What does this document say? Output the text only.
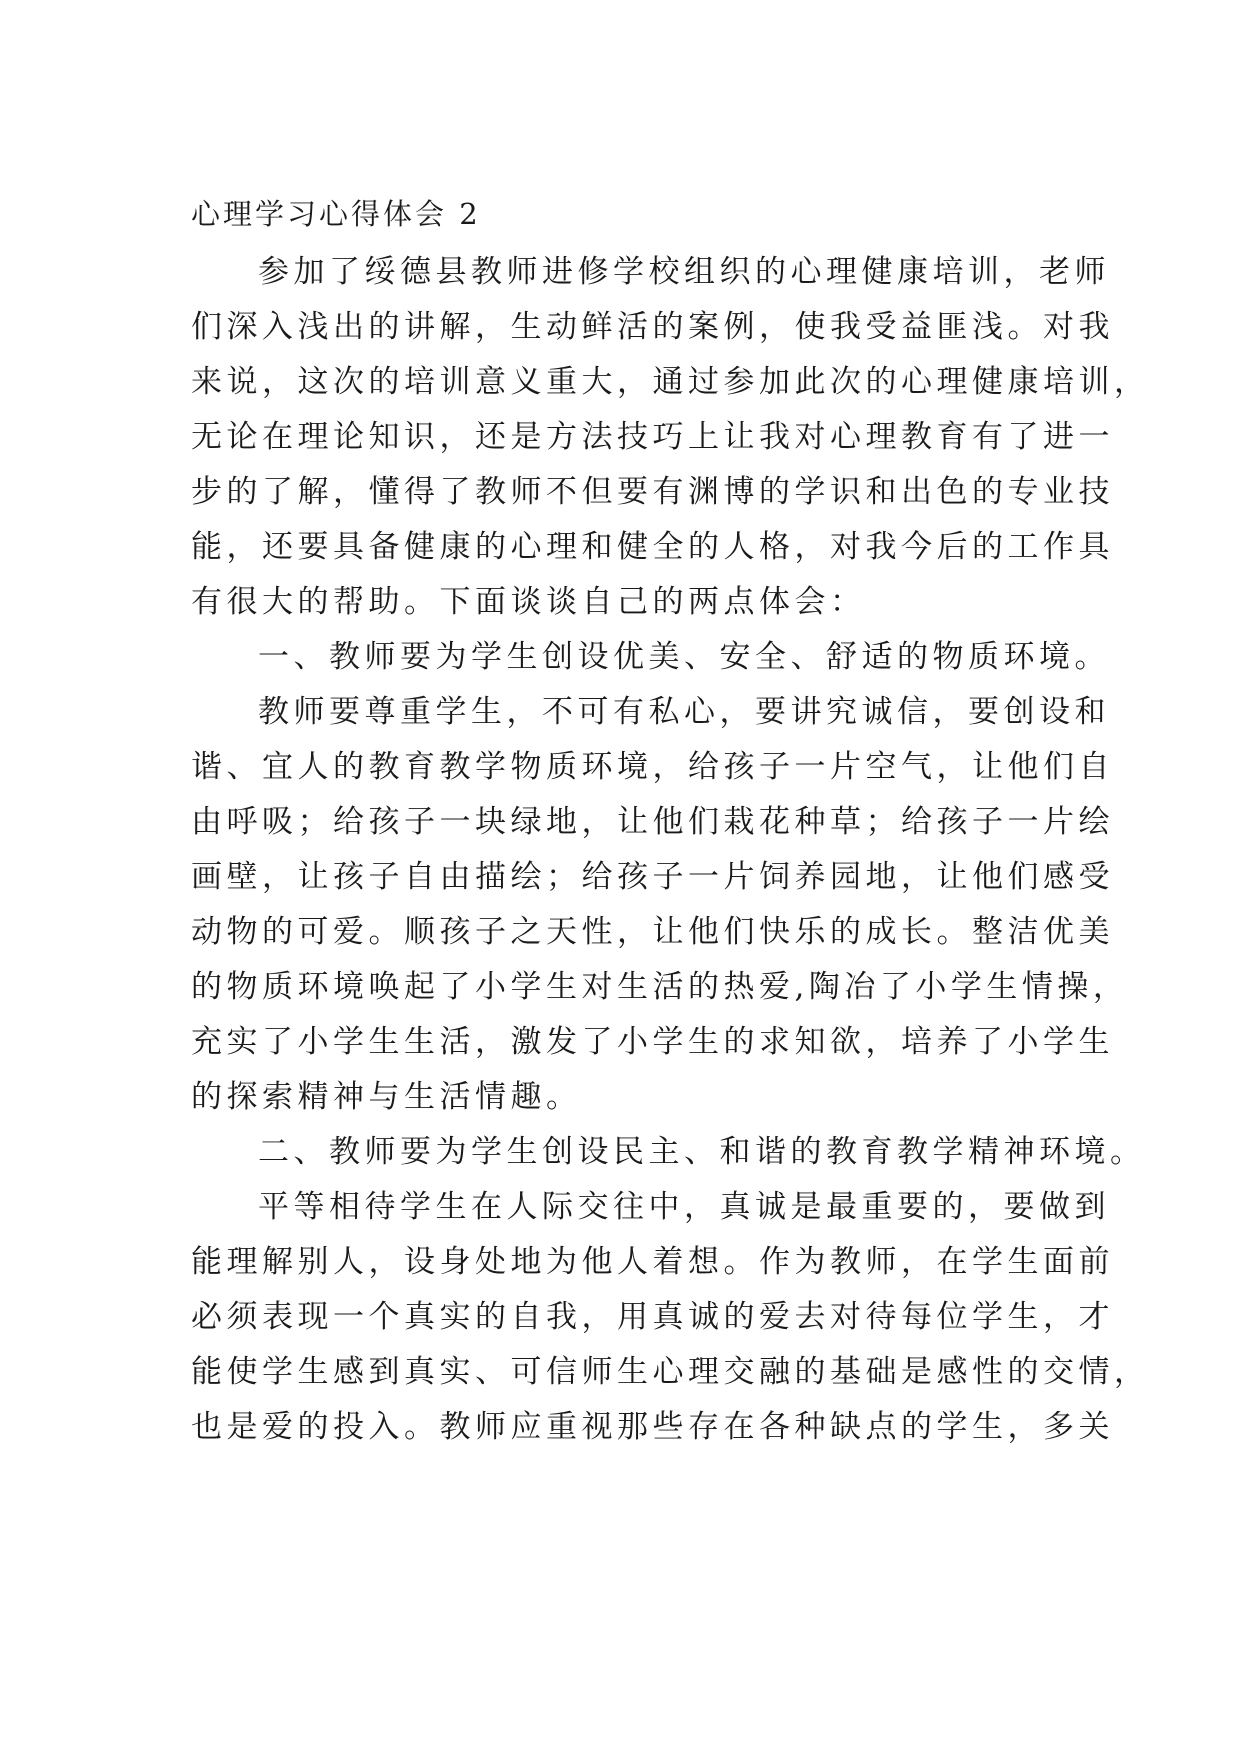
心理学习心得体会 2
参加了绥德县教师进修学校组织的心理健康培训，老师
们深入浅出的讲解，生动鲜活的案例，使我受益匪浅。对我
来说，这次的培训意义重大，通过参加此次的心理健康培训，
无论在理论知识，还是方法技巧上让我对心理教育有了进一
步的了解，懂得了教师不但要有渊博的学识和出色的专业技
能，还要具备健康的心理和健全的人格，对我今后的工作具
有很大的帮助。下面谈谈自己的两点体会：
一、教师要为学生创设优美、安全、舒适的物质环境。
教师要尊重学生，不可有私心，要讲究诚信，要创设和
谐、宜人的教育教学物质环境，给孩子一片空气，让他们自
由呼吸；给孩子一块绿地，让他们栽花种草；给孩子一片绘
画壁，让孩子自由描绘；给孩子一片饲养园地，让他们感受
动物的可爱。顺孩子之天性，让他们快乐的成长。整洁优美
的物质环境唤起了小学生对生活的热爱,陶冶了小学生情操，
充实了小学生生活，激发了小学生的求知欲，培养了小学生
的探索精神与生活情趣。
二、教师要为学生创设民主、和谐的教育教学精神环境。
平等相待学生在人际交往中，真诚是最重要的，要做到
能理解别人，设身处地为他人着想。作为教师，在学生面前
必须表现一个真实的自我，用真诚的爱去对待每位学生，才
能使学生感到真实、可信师生心理交融的基础是感性的交情，
也是爱的投入。教师应重视那些存在各种缺点的学生，多关
